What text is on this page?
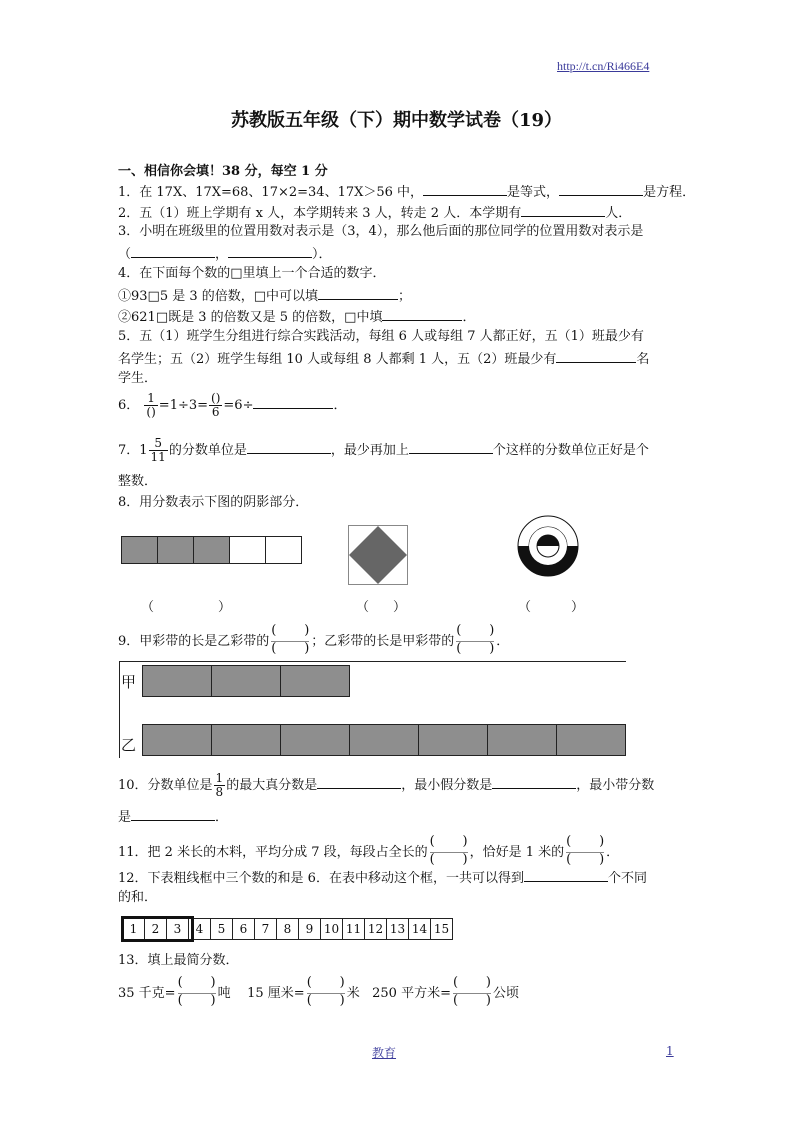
http://t.cn/Ri466E4
苏教版五年级（下）期中数学试卷（19）
一、相信你会填！38 分，每空 1 分
1．在 17X、17X=68、17×2=34、17X＞56 中，	是等式，	是方程．
2．五（1）班上学期有 x 人，本学期转来 3 人，转走 2 人．本学期有	人．
3．小明在班级里的位置用数对表示是（3，4），那么他后面的那位同学的位置用数对表示是
（	，	）．
4．在下面每个数的□里填上一个合适的数字．
①93□5 是 3 的倍数，□中可以填	；
②621□既是 3 的倍数又是 5 的倍数，□中填	．
5．五（1）班学生分组进行综合实践活动，每组 6 人或每组 7 人都正好，五（1）班最少有
名学生；五（2）班学生每组 10 人或每组 8 人都剩 1 人，五（2）班最少有	名
学生．
6． $\frac{1}{()} =1\div 3= \frac{()}{6} =6\div$	．
7．$1 \frac{5}{11}$ 的分数单位是	，最少再加上	个这样的分数单位正好是个
整数．
8．用分数表示下图的阴影部分．
（	）	（ ）	（	）
9．甲彩带的长是乙彩带的 ( )
( )	；乙彩带的长是甲彩带的 ( )
( )	．
甲
乙
10．分数单位是 $\frac{1}{8}$ 的最大真分数是	，最小假分数是	，最小带分数
是	．
11．把 2 米长的木料，平均分成 7 段，每段占全长的 ( )
( )	，恰好是 1 米的 ( )
( )	．
12．下表粗线框中三个数的和是 6．在表中移动这个框，一共可以得到	个不同
的和．
1	2	3	4	5	6	7	8	9 10 11 12 13 14 15
13．填上最简分数．
35 千克= ( )
( )	吨 15 厘米= ( )
( )	米 250 平方米= ( )
( )	公顷
教育	1
